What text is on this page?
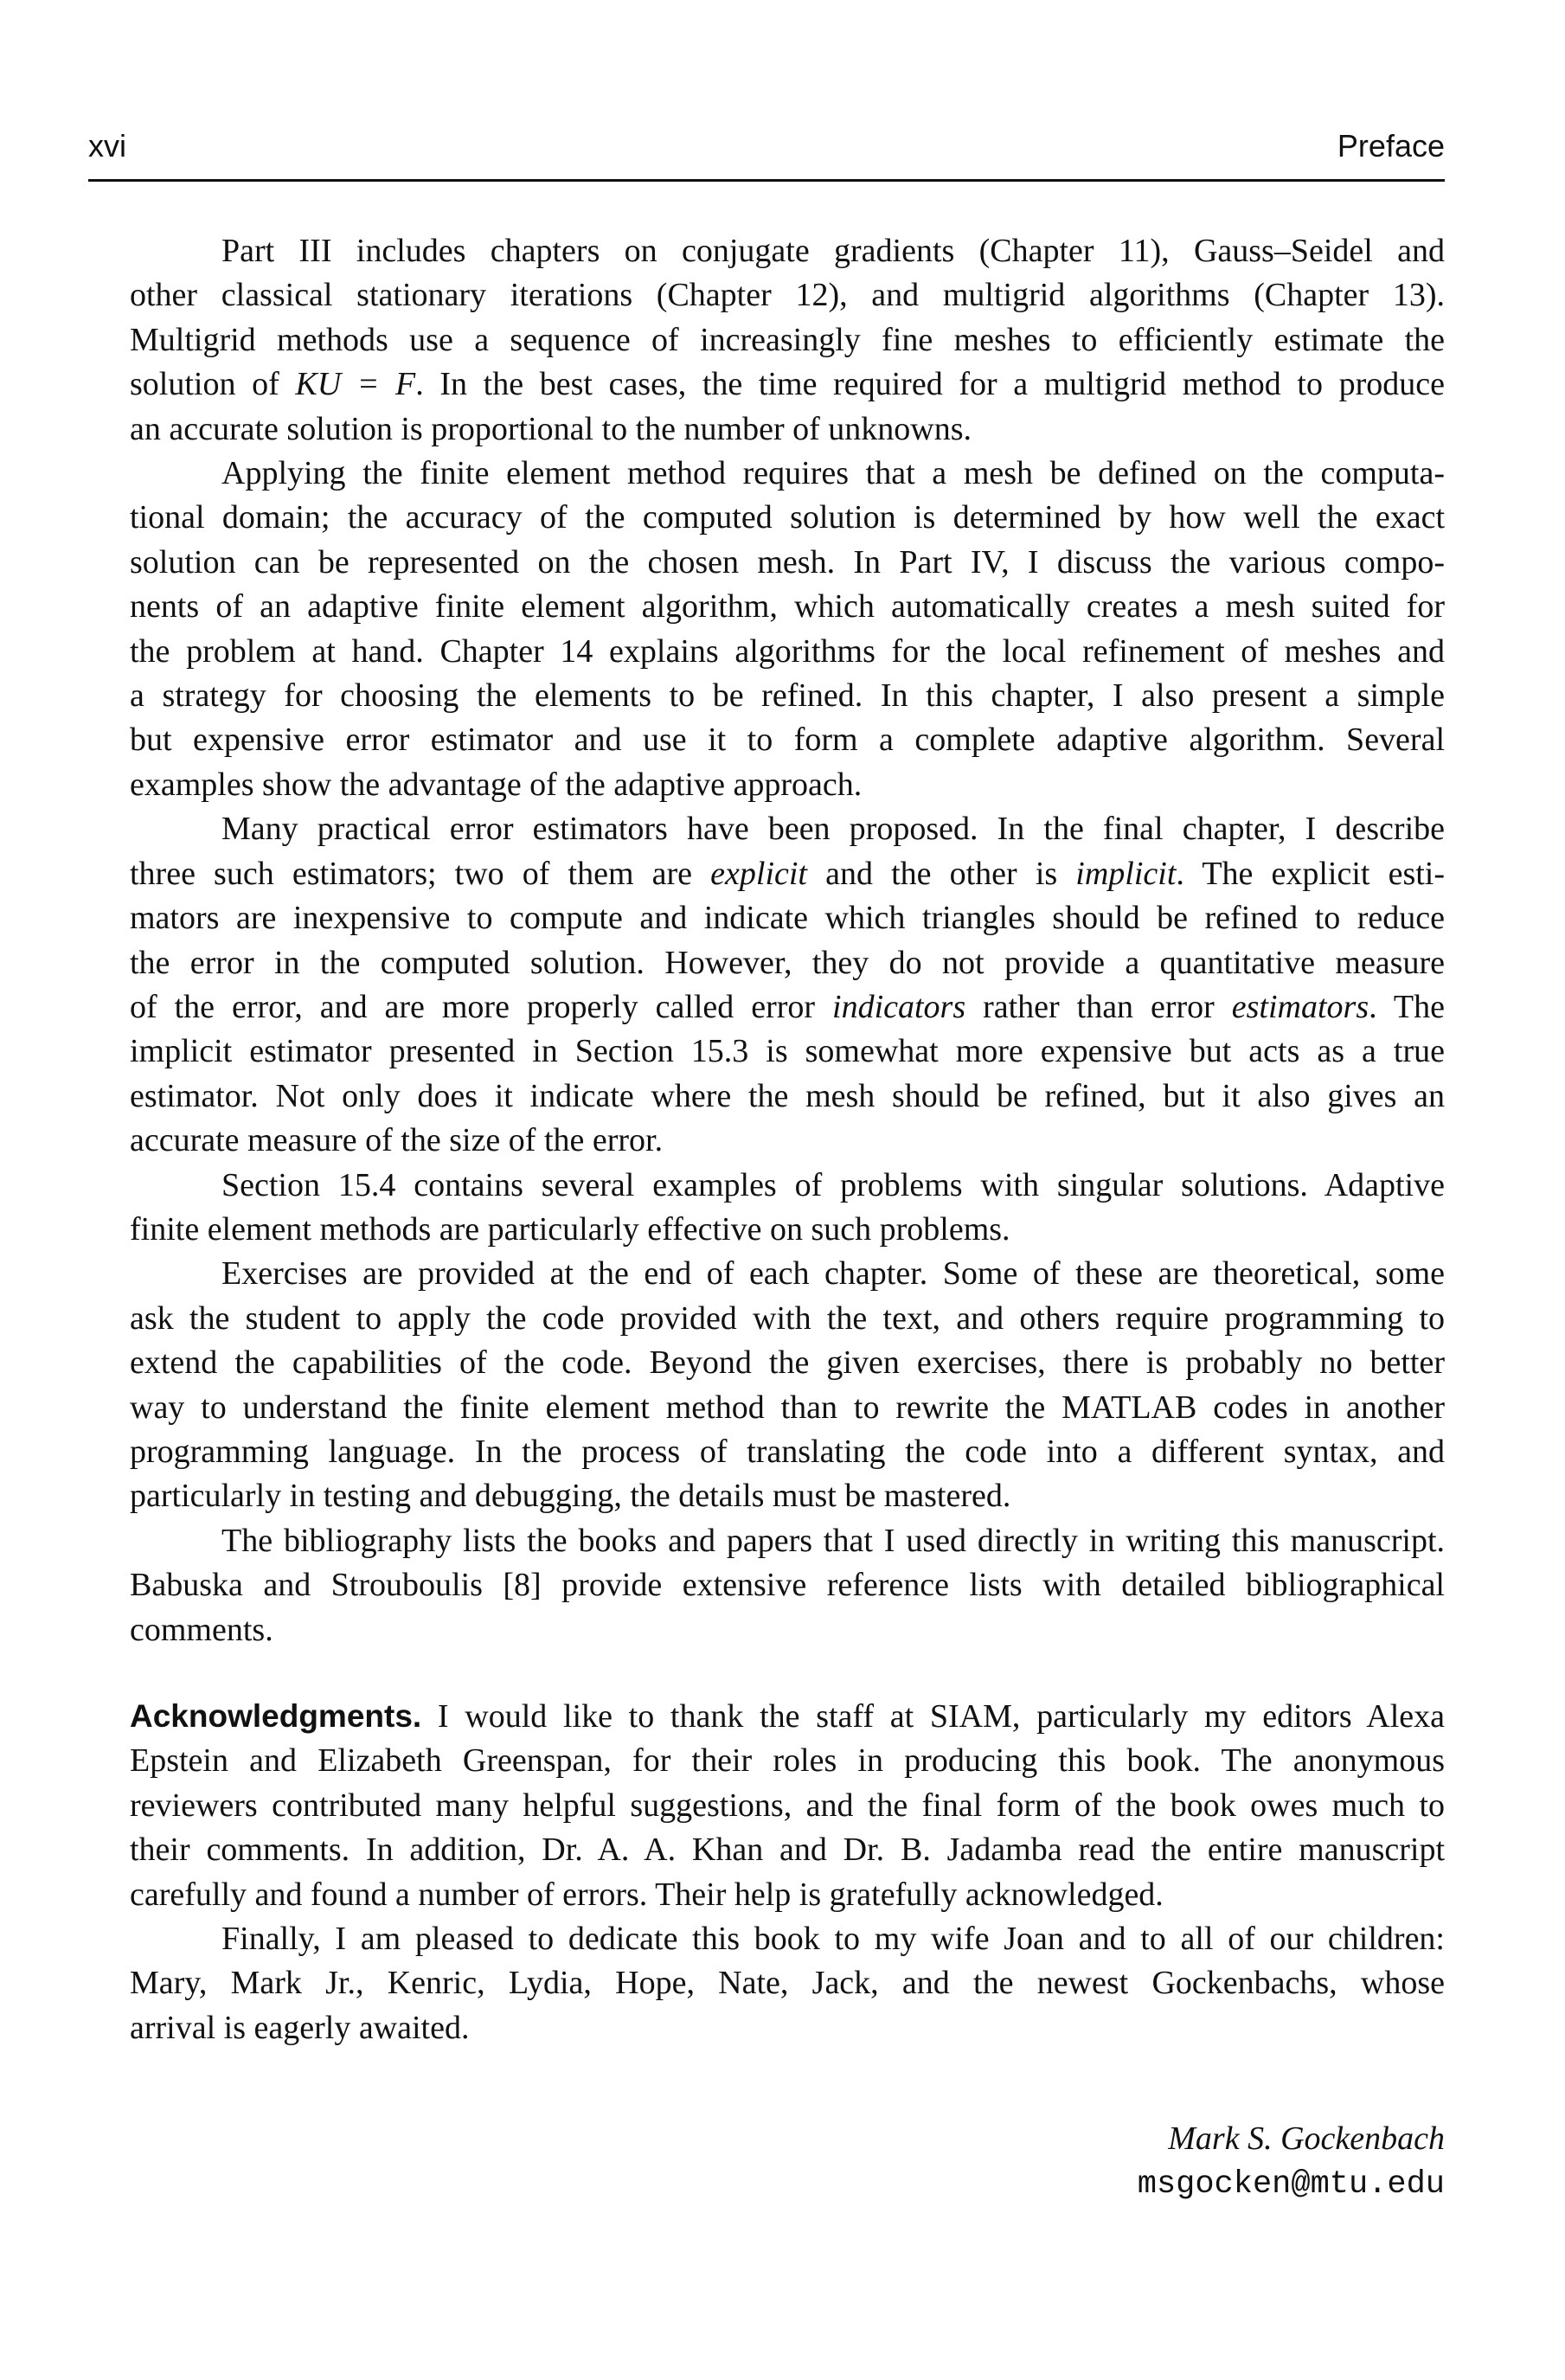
xvi	Preface
Part III includes chapters on conjugate gradients (Chapter 11), Gauss–Seidel and
other classical stationary iterations (Chapter 12), and multigrid algorithms (Chapter 13).
Multigrid methods use a sequence of increasingly fine meshes to efficiently estimate the
solution of KU = F. In the best cases, the time required for a multigrid method to produce
an accurate solution is proportional to the number of unknowns.
Applying the finite element method requires that a mesh be defined on the computa-
tional domain; the accuracy of the computed solution is determined by how well the exact
solution can be represented on the chosen mesh. In Part IV, I discuss the various compo-
nents of an adaptive finite element algorithm, which automatically creates a mesh suited for
the problem at hand. Chapter 14 explains algorithms for the local refinement of meshes and
a strategy for choosing the elements to be refined. In this chapter, I also present a simple
but expensive error estimator and use it to form a complete adaptive algorithm. Several
examples show the advantage of the adaptive approach.
Many practical error estimators have been proposed. In the final chapter, I describe
three such estimators; two of them are explicit and the other is implicit. The explicit esti-
mators are inexpensive to compute and indicate which triangles should be refined to reduce
the error in the computed solution. However, they do not provide a quantitative measure
of the error, and are more properly called error indicators rather than error estimators. The
implicit estimator presented in Section 15.3 is somewhat more expensive but acts as a true
estimator. Not only does it indicate where the mesh should be refined, but it also gives an
accurate measure of the size of the error.
Section 15.4 contains several examples of problems with singular solutions. Adaptive
finite element methods are particularly effective on such problems.
Exercises are provided at the end of each chapter. Some of these are theoretical, some
ask the student to apply the code provided with the text, and others require programming to
extend the capabilities of the code. Beyond the given exercises, there is probably no better
way to understand the finite element method than to rewrite the MATLAB codes in another
programming language. In the process of translating the code into a different syntax, and
particularly in testing and debugging, the details must be mastered.
The bibliography lists the books and papers that I used directly in writing this manuscript.
Babuska and Strouboulis [8] provide extensive reference lists with detailed bibliographical
comments.
Acknowledgments. I would like to thank the staff at SIAM, particularly my editors Alexa
Epstein and Elizabeth Greenspan, for their roles in producing this book. The anonymous
reviewers contributed many helpful suggestions, and the final form of the book owes much to
their comments. In addition, Dr. A. A. Khan and Dr. B. Jadamba read the entire manuscript
carefully and found a number of errors. Their help is gratefully acknowledged.
Finally, I am pleased to dedicate this book to my wife Joan and to all of our children:
Mary, Mark Jr., Kenric, Lydia, Hope, Nate, Jack, and the newest Gockenbachs, whose
arrival is eagerly awaited.
Mark S. Gockenbach
msgocken@mtu.edu
